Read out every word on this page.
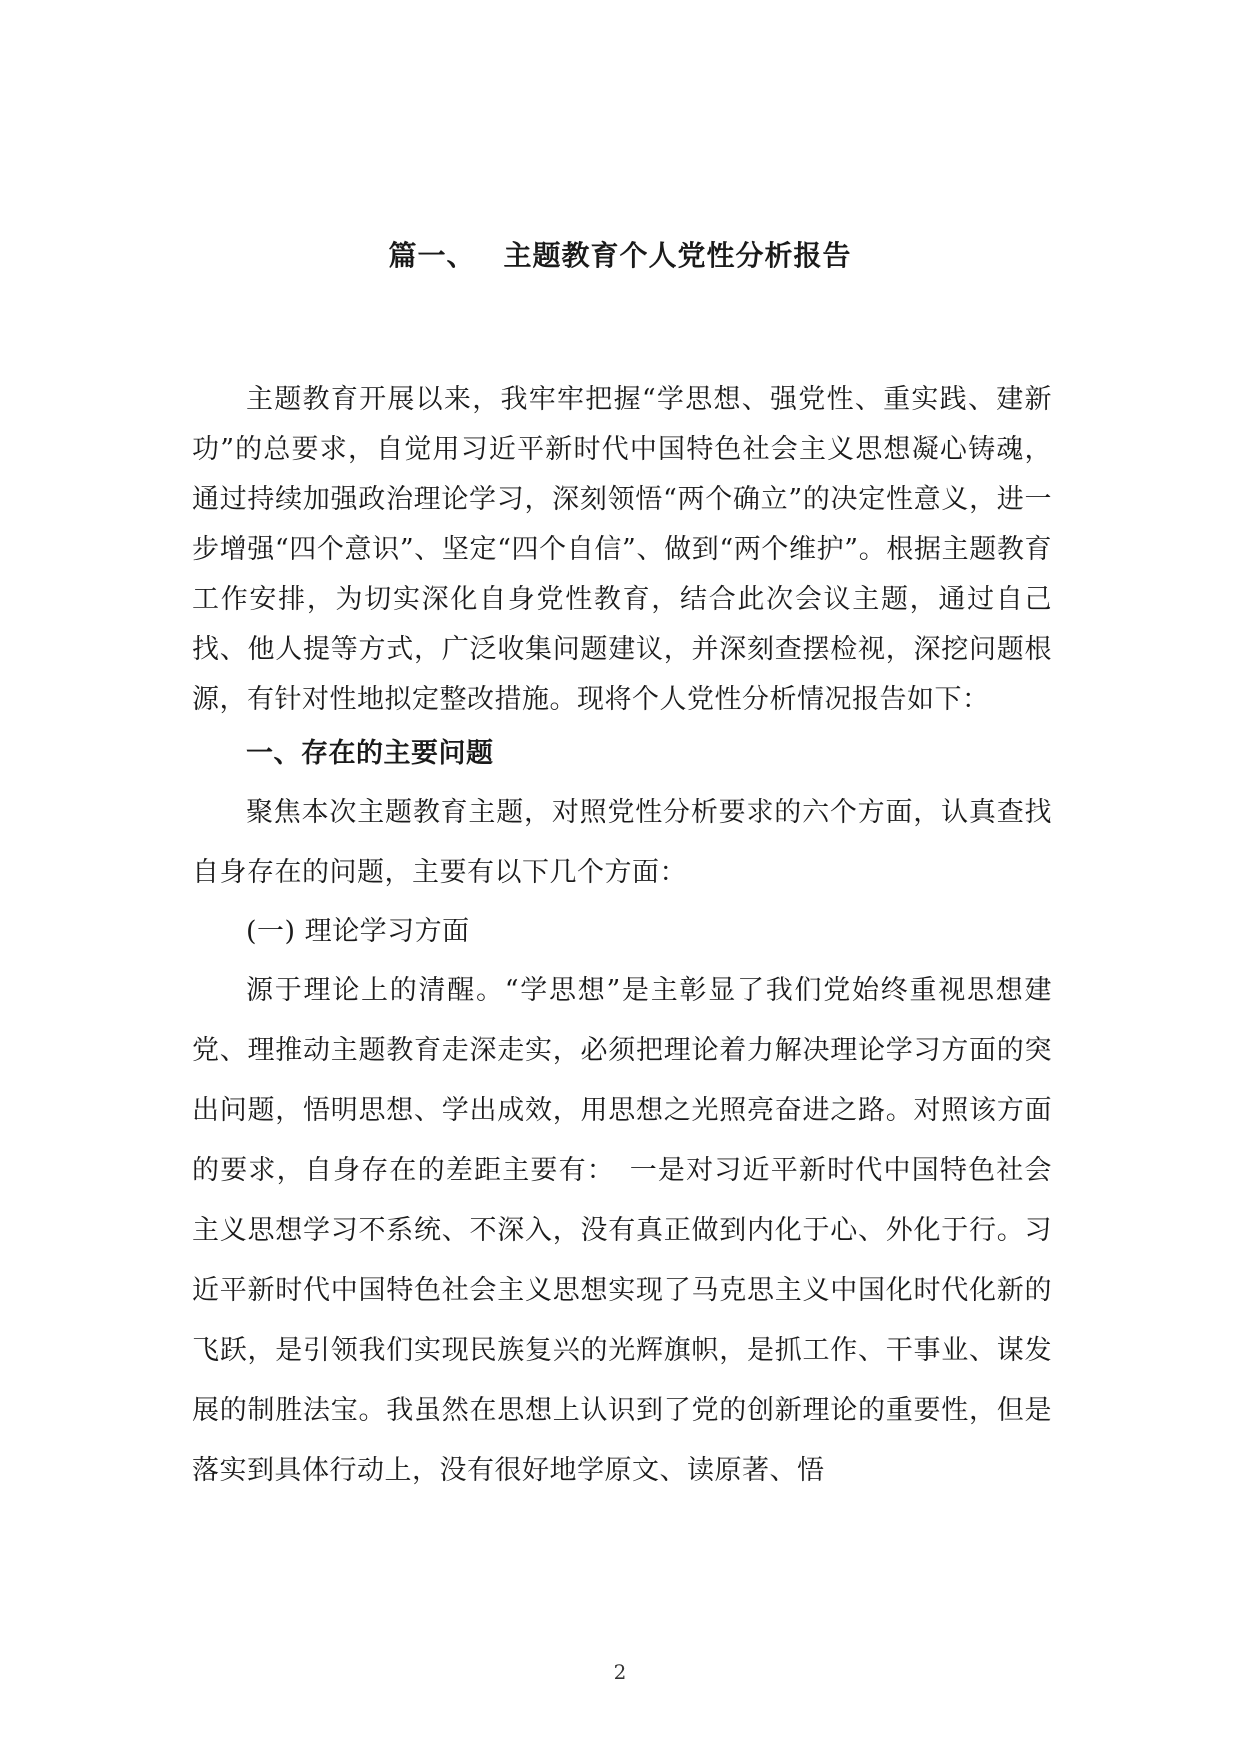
篇一、 主题教育个人党性分析报告

主题教育开展以来，我牢牢把握“学思想、强党性、重实践、建新功”的总要求，自觉用习近平新时代中国特色社会主义思想凝心铸魂，通过持续加强政治理论学习，深刻领悟“两个确立”的决定性意义，进一步增强“四个意识”、坚定“四个自信”、做到“两个维护”。根据主题教育工作安排，为切实深化自身党性教育，结合此次会议主题，通过自己找、他人提等方式，广泛收集问题建议，并深刻查摆检视，深挖问题根源，有针对性地拟定整改措施。现将个人党性分析情况报告如下：

一、存在的主要问题

聚焦本次主题教育主题，对照党性分析要求的六个方面，认真查找自身存在的问题，主要有以下几个方面：

(一) 理论学习方面

源于理论上的清醒。“学思想”是主彰显了我们党始终重视思想建党、理推动主题教育走深走实，必须把理论着力解决理论学习方面的突出问题，悟明思想、学出成效，用思想之光照亮奋进之路。对照该方面的要求，自身存在的差距主要有：　一是对习近平新时代中国特色社会主义思想学习不系统、不深入，没有真正做到内化于心、外化于行。习近平新时代中国特色社会主义思想实现了马克思主义中国化时代化新的飞跃，是引领我们实现民族复兴的光辉旗帜，是抓工作、干事业、谋发展的制胜法宝。我虽然在思想上认识到了党的创新理论的重要性，但是落实到具体行动上，没有很好地学原文、读原著、悟

2
